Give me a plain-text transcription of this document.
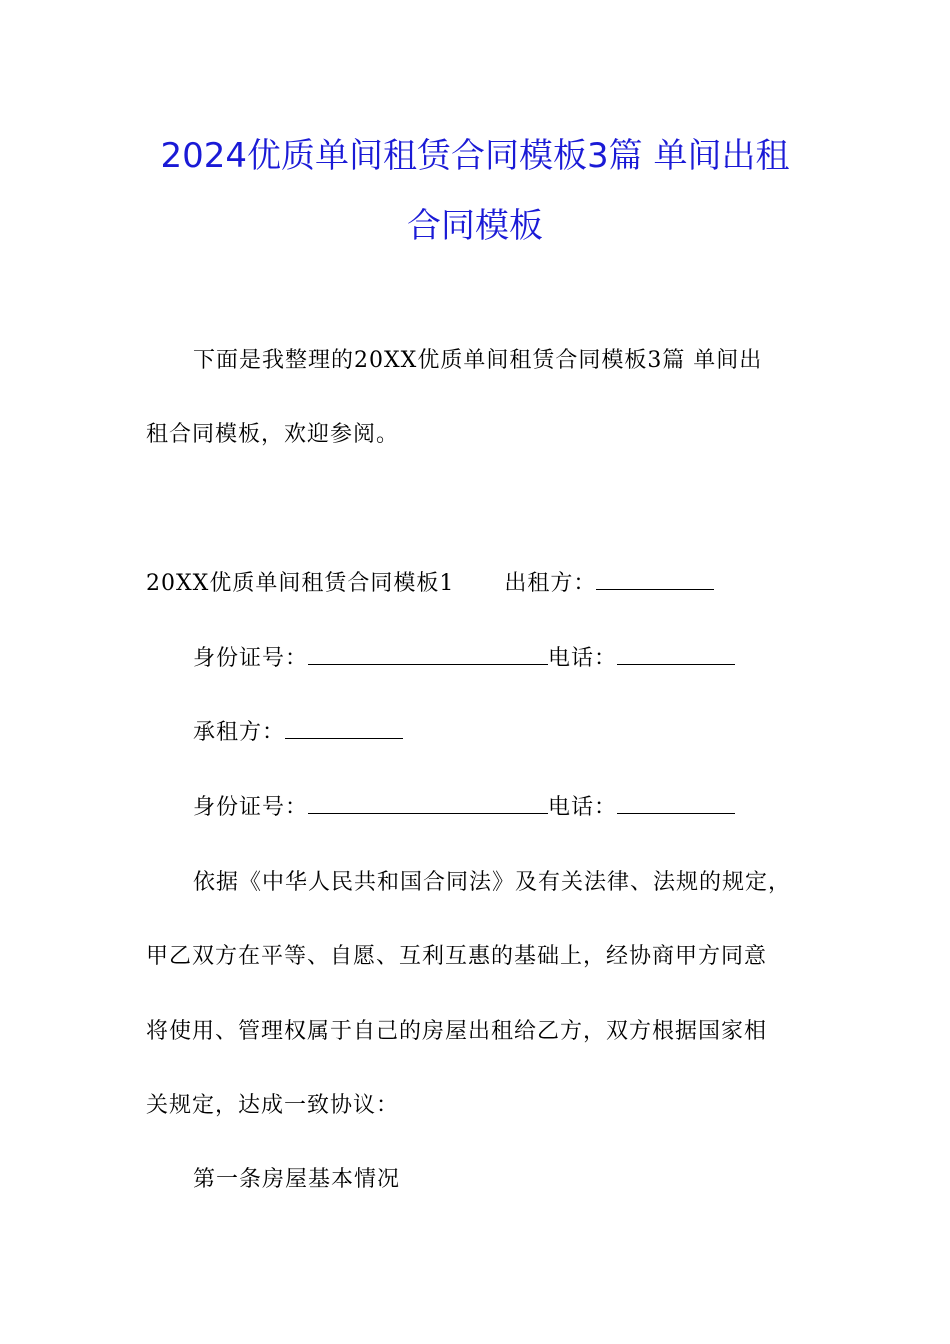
2024优质单间租赁合同模板3篇 单间出租
合同模板
下面是我整理的20XX优质单间租赁合同模板3篇 单间出
租合同模板，欢迎参阅。
20XX优质单间租赁合同模板1 出租方：
身份证号：	电话：
承租方：
身份证号：	电话：
依据《中华人民共和国合同法》及有关法律、法规的规定，
甲乙双方在平等、自愿、互利互惠的基础上，经协商甲方同意
将使用、管理权属于自己的房屋出租给乙方，双方根据国家相
关规定，达成一致协议：
第一条房屋基本情况
